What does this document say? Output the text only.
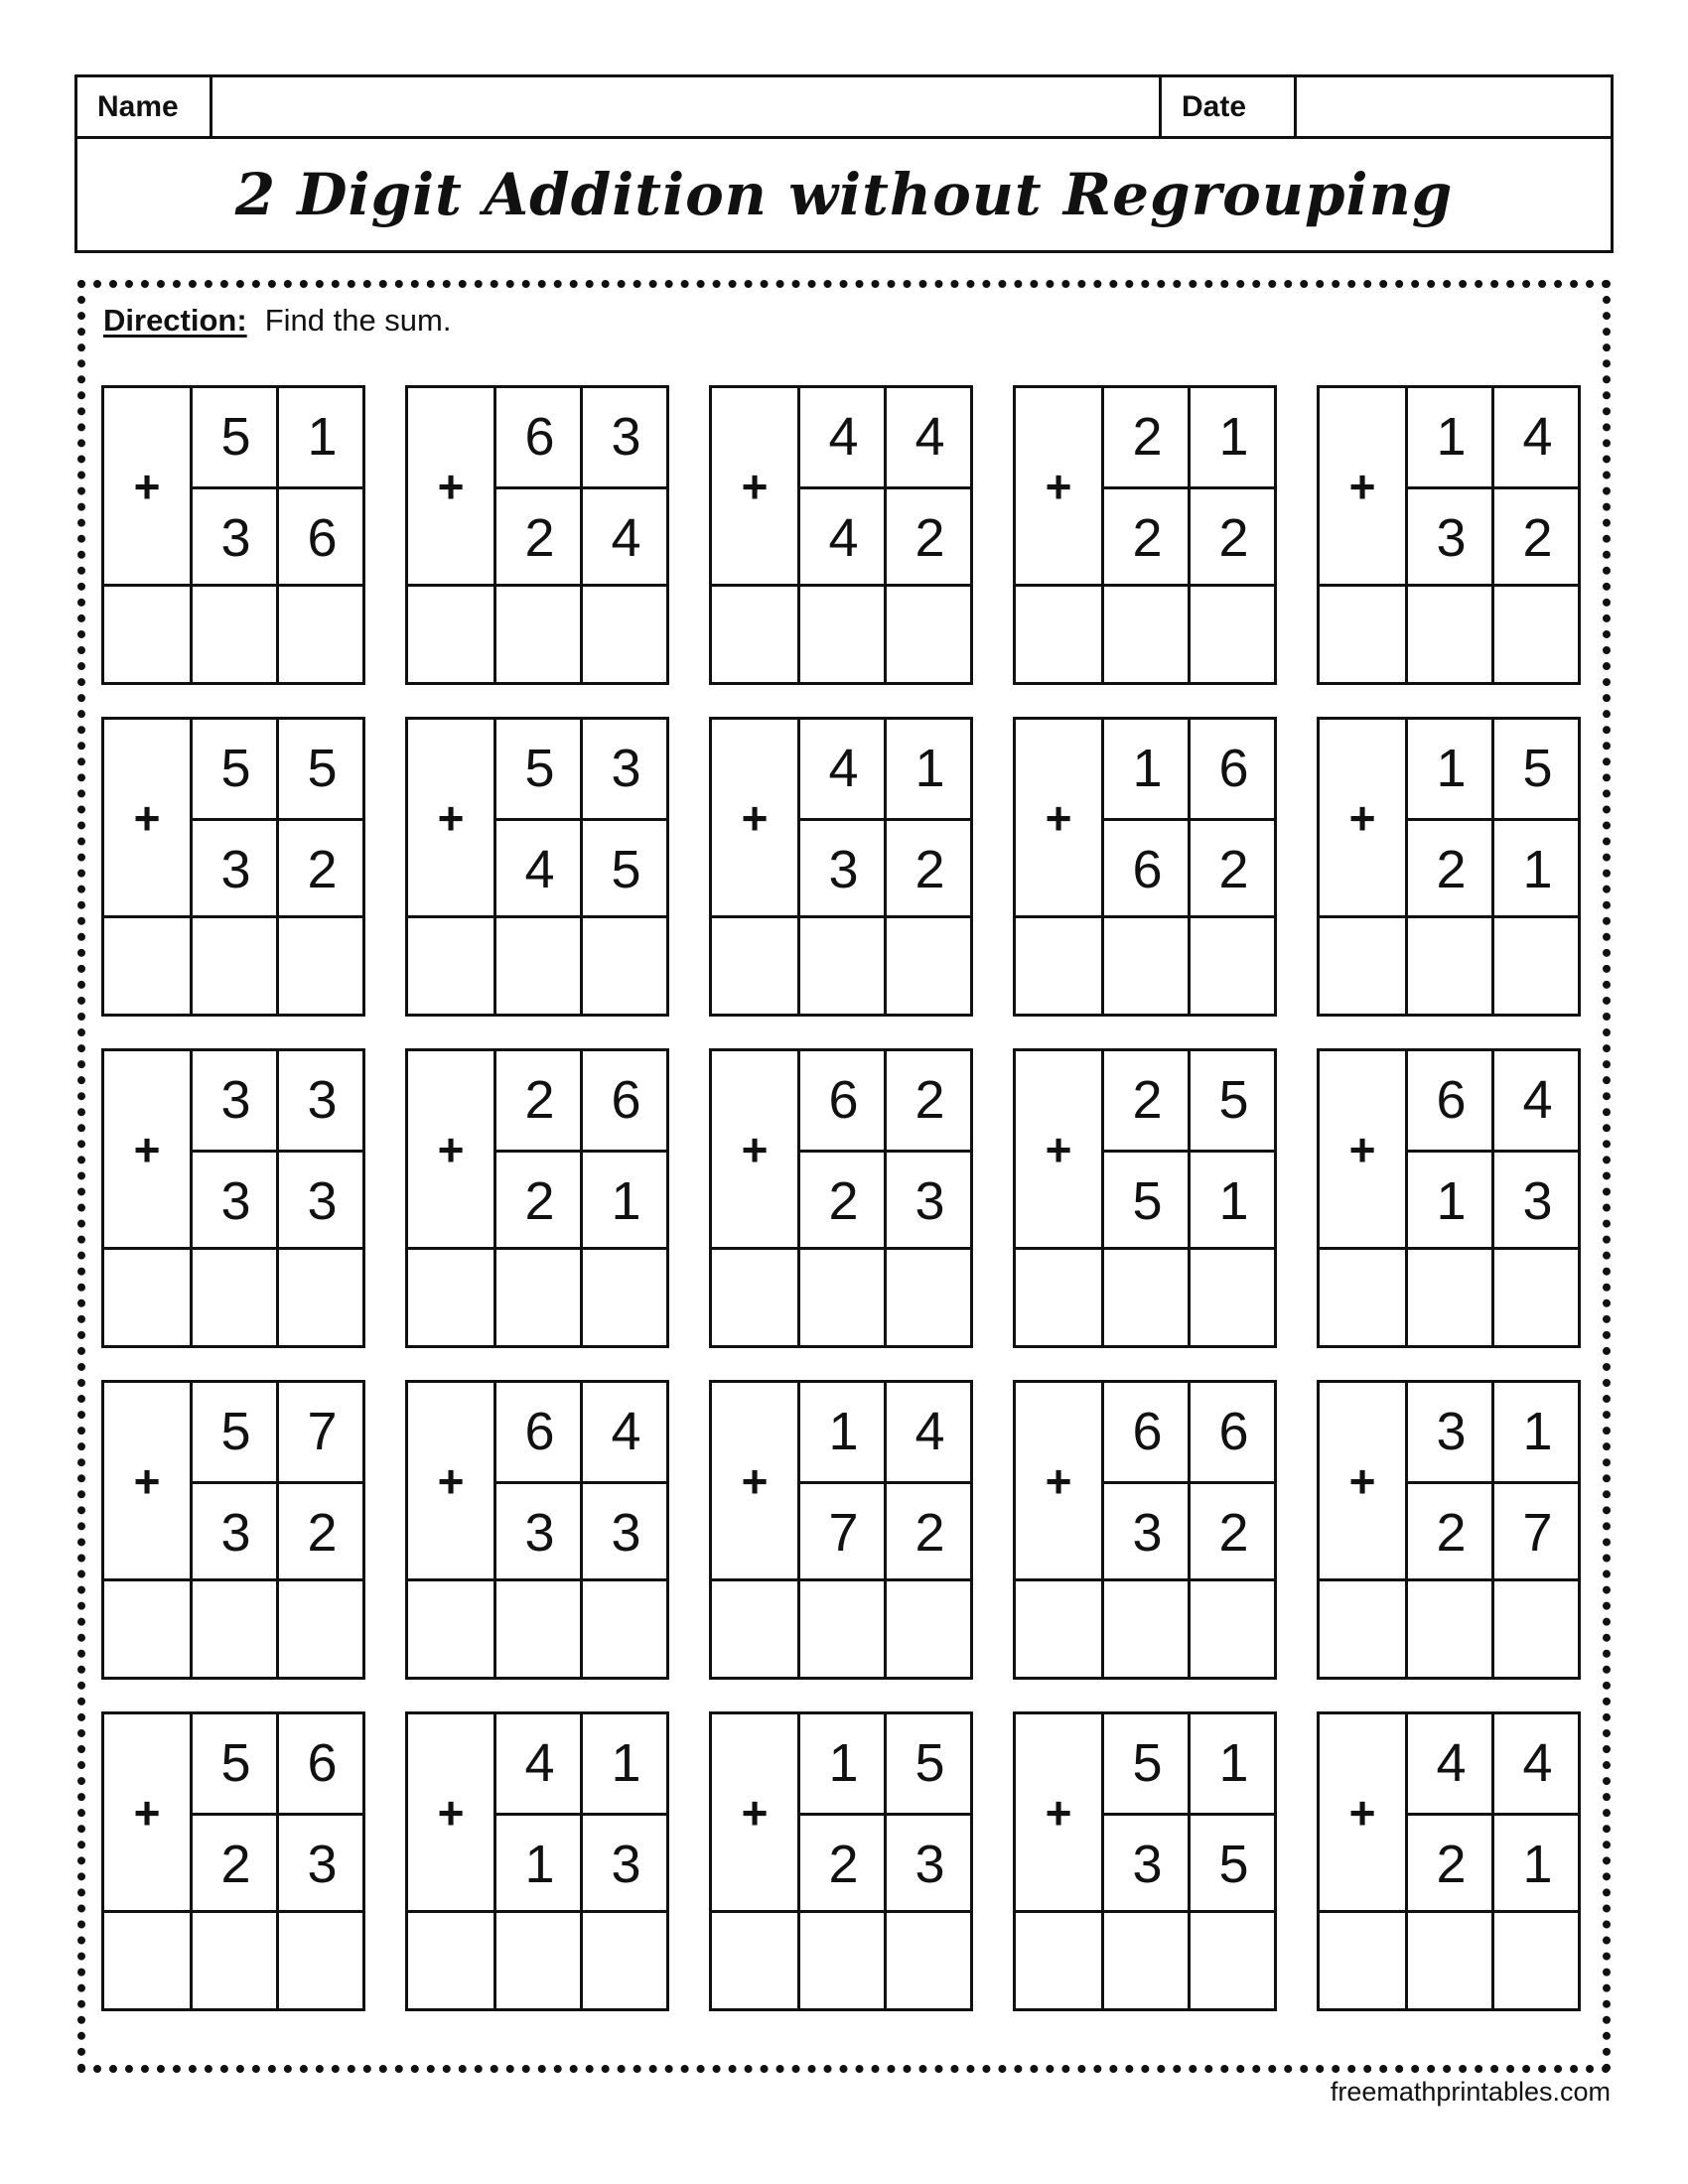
Name	Date
2 Digit Addition without Regrouping
Direction: Find the sum.
+
5	1
3	6
+
6	3
2	4
+
4	4
4	2
+
2	1
2	2
+
1	4
3	2
+
5	5
3	2
+
5	3
4	5
+
4	1
3	2
+
1	6
6	2
+
1	5
2	1
+
3	3
3	3
+
2	6
2	1
+
6	2
2	3
+
2	5
5	1
+
6	4
1	3
+
5	7
3	2
+
6	4
3	3
+
1	4
7	2
+
6	6
3	2
+
3	1
2	7
+
5	6
2	3
+
4	1
1	3
+
1	5
2	3
+
5	1
3	5
+
4	4
2	1
freemathprintables.com
